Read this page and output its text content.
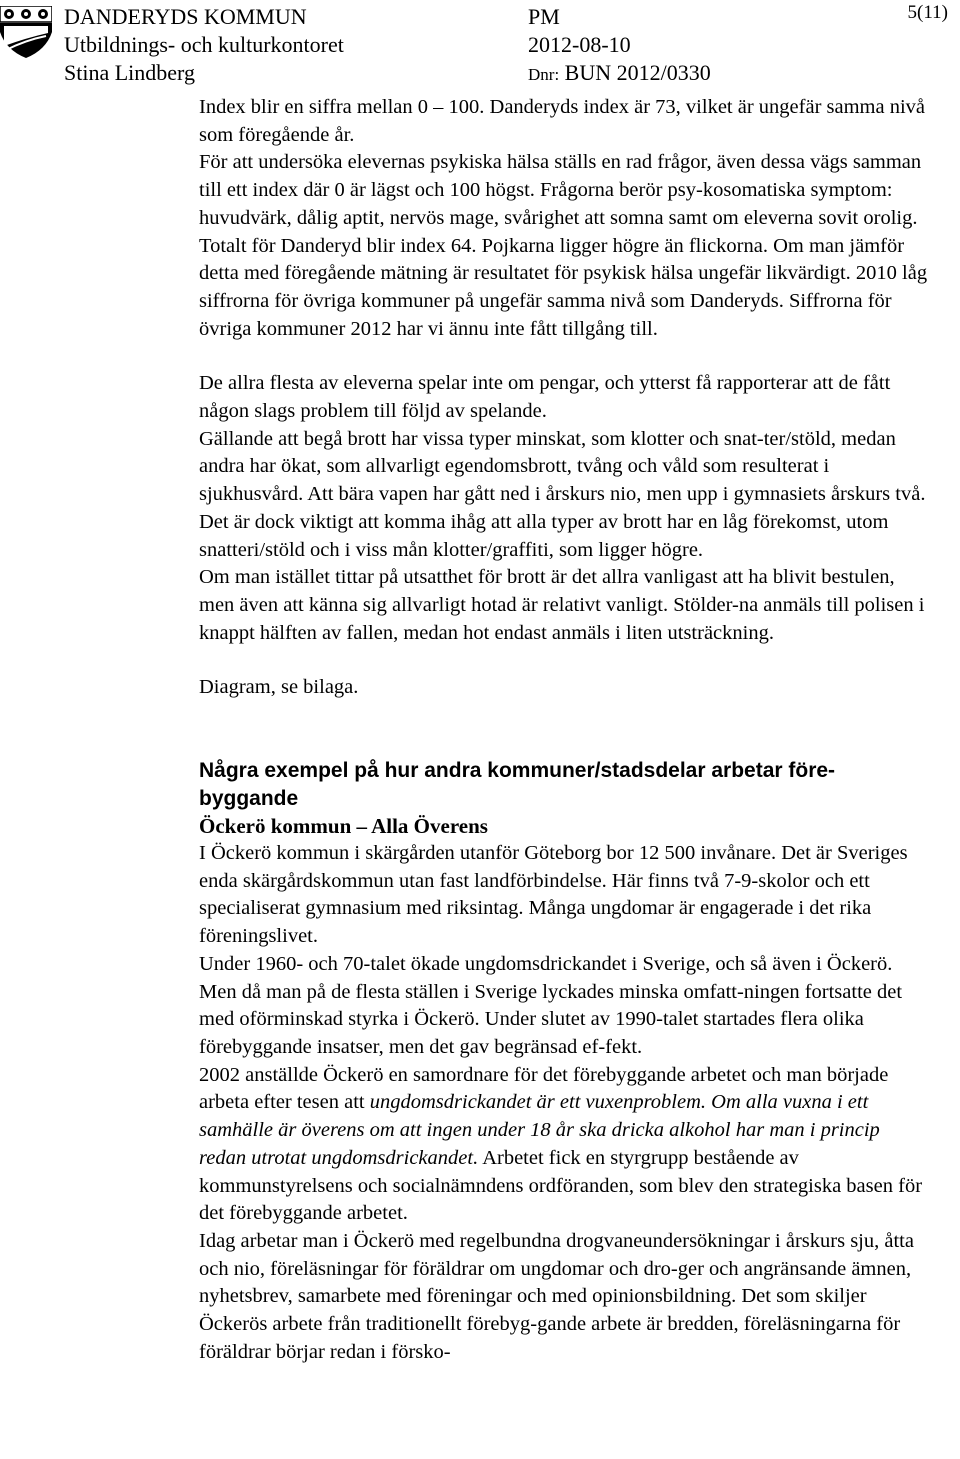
DANDERYDS KOMMUN
Utbildnings- och kulturkontoret
Stina Lindberg
PM
2012-08-10
Dnr: BUN 2012/0330
5(11)

Index blir en siffra mellan 0 – 100. Danderyds index är 73, vilket är ungefär samma nivå som föregående år.

För att undersöka elevernas psykiska hälsa ställs en rad frågor, även dessa vägs samman till ett index där 0 är lägst och 100 högst. Frågorna berör psy-kosomatiska symptom: huvudvärk, dålig aptit, nervös mage, svårighet att somna samt om eleverna sovit orolig. Totalt för Danderyd blir index 64. Pojkarna ligger högre än flickorna. Om man jämför detta med föregående mätning är resultatet för psykisk hälsa ungefär likvärdigt. 2010 låg siffrorna för övriga kommuner på ungefär samma nivå som Danderyds. Siffrorna för övriga kommuner 2012 har vi ännu inte fått tillgång till.

De allra flesta av eleverna spelar inte om pengar, och ytterst få rapporterar att de fått någon slags problem till följd av spelande.

Gällande att begå brott har vissa typer minskat, som klotter och snat-ter/stöld, medan andra har ökat, som allvarligt egendomsbrott, tvång och våld som resulterat i sjukhusvård. Att bära vapen har gått ned i årskurs nio, men upp i gymnasiets årskurs två. Det är dock viktigt att komma ihåg att alla typer av brott har en låg förekomst, utom snatteri/stöld och i viss mån klotter/graffiti, som ligger högre.

Om man istället tittar på utsatthet för brott är det allra vanligast att ha blivit bestulen, men även att känna sig allvarligt hotad är relativt vanligt. Stölder-na anmäls till polisen i knappt hälften av fallen, medan hot endast anmäls i liten utsträckning.

Diagram, se bilaga.

Några exempel på hur andra kommuner/stadsdelar arbetar före-byggande

Öckerö kommun – Alla Överens

I Öckerö kommun i skärgården utanför Göteborg bor 12 500 invånare. Det är Sveriges enda skärgårdskommun utan fast landförbindelse. Här finns två 7-9-skolor och ett specialiserat gymnasium med riksintag. Många ungdomar är engagerade i det rika föreningslivet.

Under 1960- och 70-talet ökade ungdomsdrickandet i Sverige, och så även i Öckerö. Men då man på de flesta ställen i Sverige lyckades minska omfatt-ningen fortsatte det med oförminskad styrka i Öckerö. Under slutet av 1990-talet startades flera olika förebyggande insatser, men det gav begränsad ef-fekt.

2002 anställde Öckerö en samordnare för det förebyggande arbetet och man började arbeta efter tesen att ungdomsdrickandet är ett vuxenproblem. Om alla vuxna i ett samhälle är överens om att ingen under 18 år ska dricka alkohol har man i princip redan utrotat ungdomsdrickandet. Arbetet fick en styrgrupp bestående av kommunstyrelsens och socialnämndens ordföranden, som blev den strategiska basen för det förebyggande arbetet.

Idag arbetar man i Öckerö med regelbundna drogvaneundersökningar i årskurs sju, åtta och nio, föreläsningar för föräldrar om ungdomar och dro-ger och angränsande ämnen, nyhetsbrev, samarbete med föreningar och med opinionsbildning. Det som skiljer Öckerös arbete från traditionellt förebyg-gande arbete är bredden, föreläsningarna för föräldrar börjar redan i försko-
